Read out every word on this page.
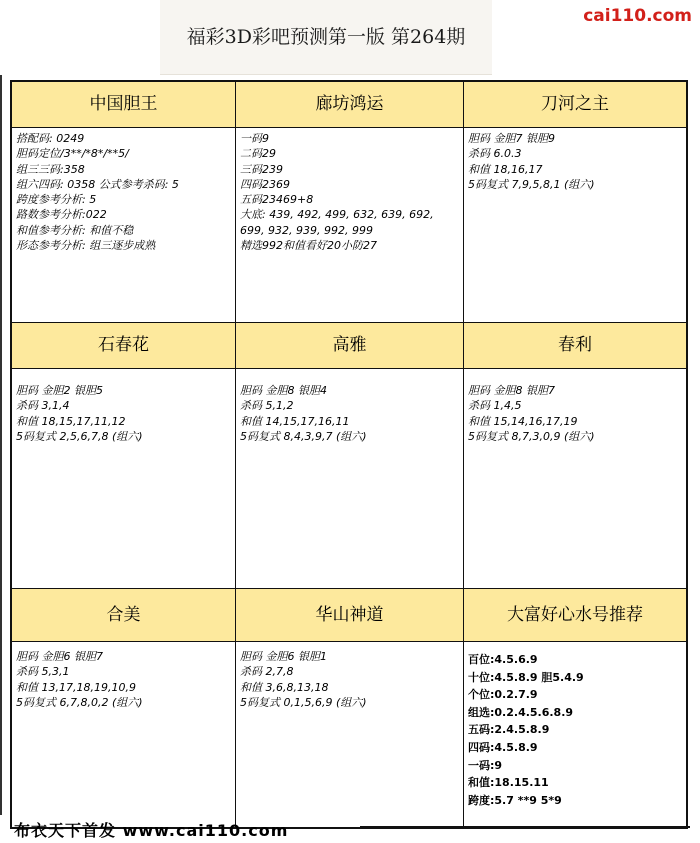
福彩3D彩吧预测第一版 第264期
cai110.com
中国胆王
搭配码: 0249
胆码定位/3**/*8*/**5/
组三三码:358
组六四码: 0358 公式参考杀码: 5
跨度参考分析: 5
路数参考分析:022
和值参考分析: 和值不稳
形态参考分析: 组三逐步成熟
廊坊鸿运
一码9
二码29
三码239
四码2369
五码23469+8
大底: 439, 492, 499, 632, 639, 692, 699, 932, 939, 992, 999
精选992和值看好20小防27
刀河之主
胆码 金胆7 银胆9
杀码 6.0.3
和值 18,16,17
5码复式 7,9,5,8,1 (组六)
石春花
胆码 金胆2 银胆5
杀码 3,1,4
和值 18,15,17,11,12
5码复式 2,5,6,7,8 (组六)
高雅
胆码 金胆8 银胆4
杀码 5,1,2
和值 14,15,17,16,11
5码复式 8,4,3,9,7 (组六)
春利
胆码 金胆8 银胆7
杀码 1,4,5
和值 15,14,16,17,19
5码复式 8,7,3,0,9 (组六)
合美
胆码 金胆6 银胆7
杀码 5,3,1
和值 13,17,18,19,10,9
5码复式 6,7,8,0,2 (组六)
华山神道
胆码 金胆6 银胆1
杀码 2,7,8
和值 3,6,8,13,18
5码复式 0,1,5,6,9 (组六)
大富好心水号推荐
百位:4.5.6.9
十位:4.5.8.9 胆5.4.9
个位:0.2.7.9
组选:0.2.4.5.6.8.9
五码:2.4.5.8.9
四码:4.5.8.9
一码:9
和值:18.15.11
跨度:5.7 **9 5*9
布衣天下首发 www.cai110.com
